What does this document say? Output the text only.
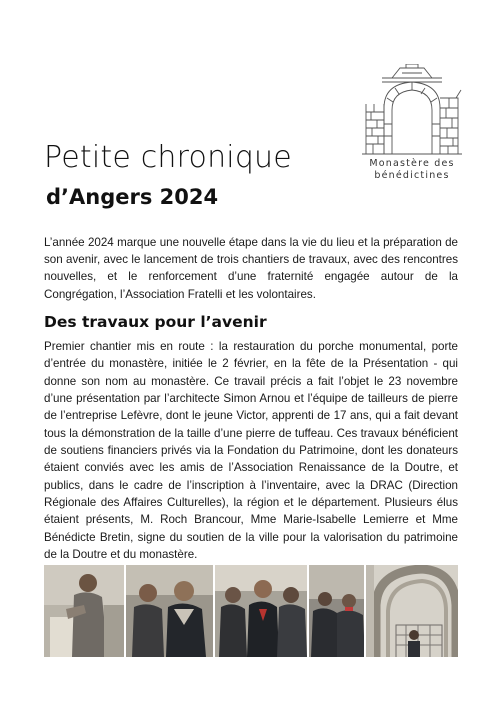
Monastère des
bénédictines
Petite chronique
d’Angers 2024

L’année 2024 marque une nouvelle étape dans la vie du lieu et la préparation de son avenir, avec le lancement de trois chantiers de travaux, avec des rencontres nouvelles, et le renforcement d’une fraternité engagée autour de la Congrégation, l’Association Fratelli et les volontaires.

Des travaux pour l’avenir

Premier chantier mis en route : la restauration du porche monumental, porte d’entrée du monastère, initiée le 2 février, en la fête de la Présentation - qui donne son nom au monastère. Ce travail précis a fait l’objet le 23 novembre d’une présentation par l’architecte Simon Arnou et l’équipe de tailleurs de pierre de l’entreprise Lefèvre, dont le jeune Victor, apprenti de 17 ans, qui a fait devant tous la démonstration de la taille d’une pierre de tuffeau. Ces travaux bénéficient de soutiens financiers privés via la Fondation du Patrimoine, dont les donateurs étaient conviés avec les amis de l’Association Renaissance de la Doutre, et publics, dans le cadre de l’inscription à l’inventaire, avec la DRAC (Direction Régionale des Affaires Culturelles), la région et le département. Plusieurs élus étaient présents, M. Roch Brancour, Mme Marie-Isabelle Lemierre et Mme Bénédicte Bretin, signe du soutien de la ville pour la valorisation du patrimoine de la Doutre et du monastère.
